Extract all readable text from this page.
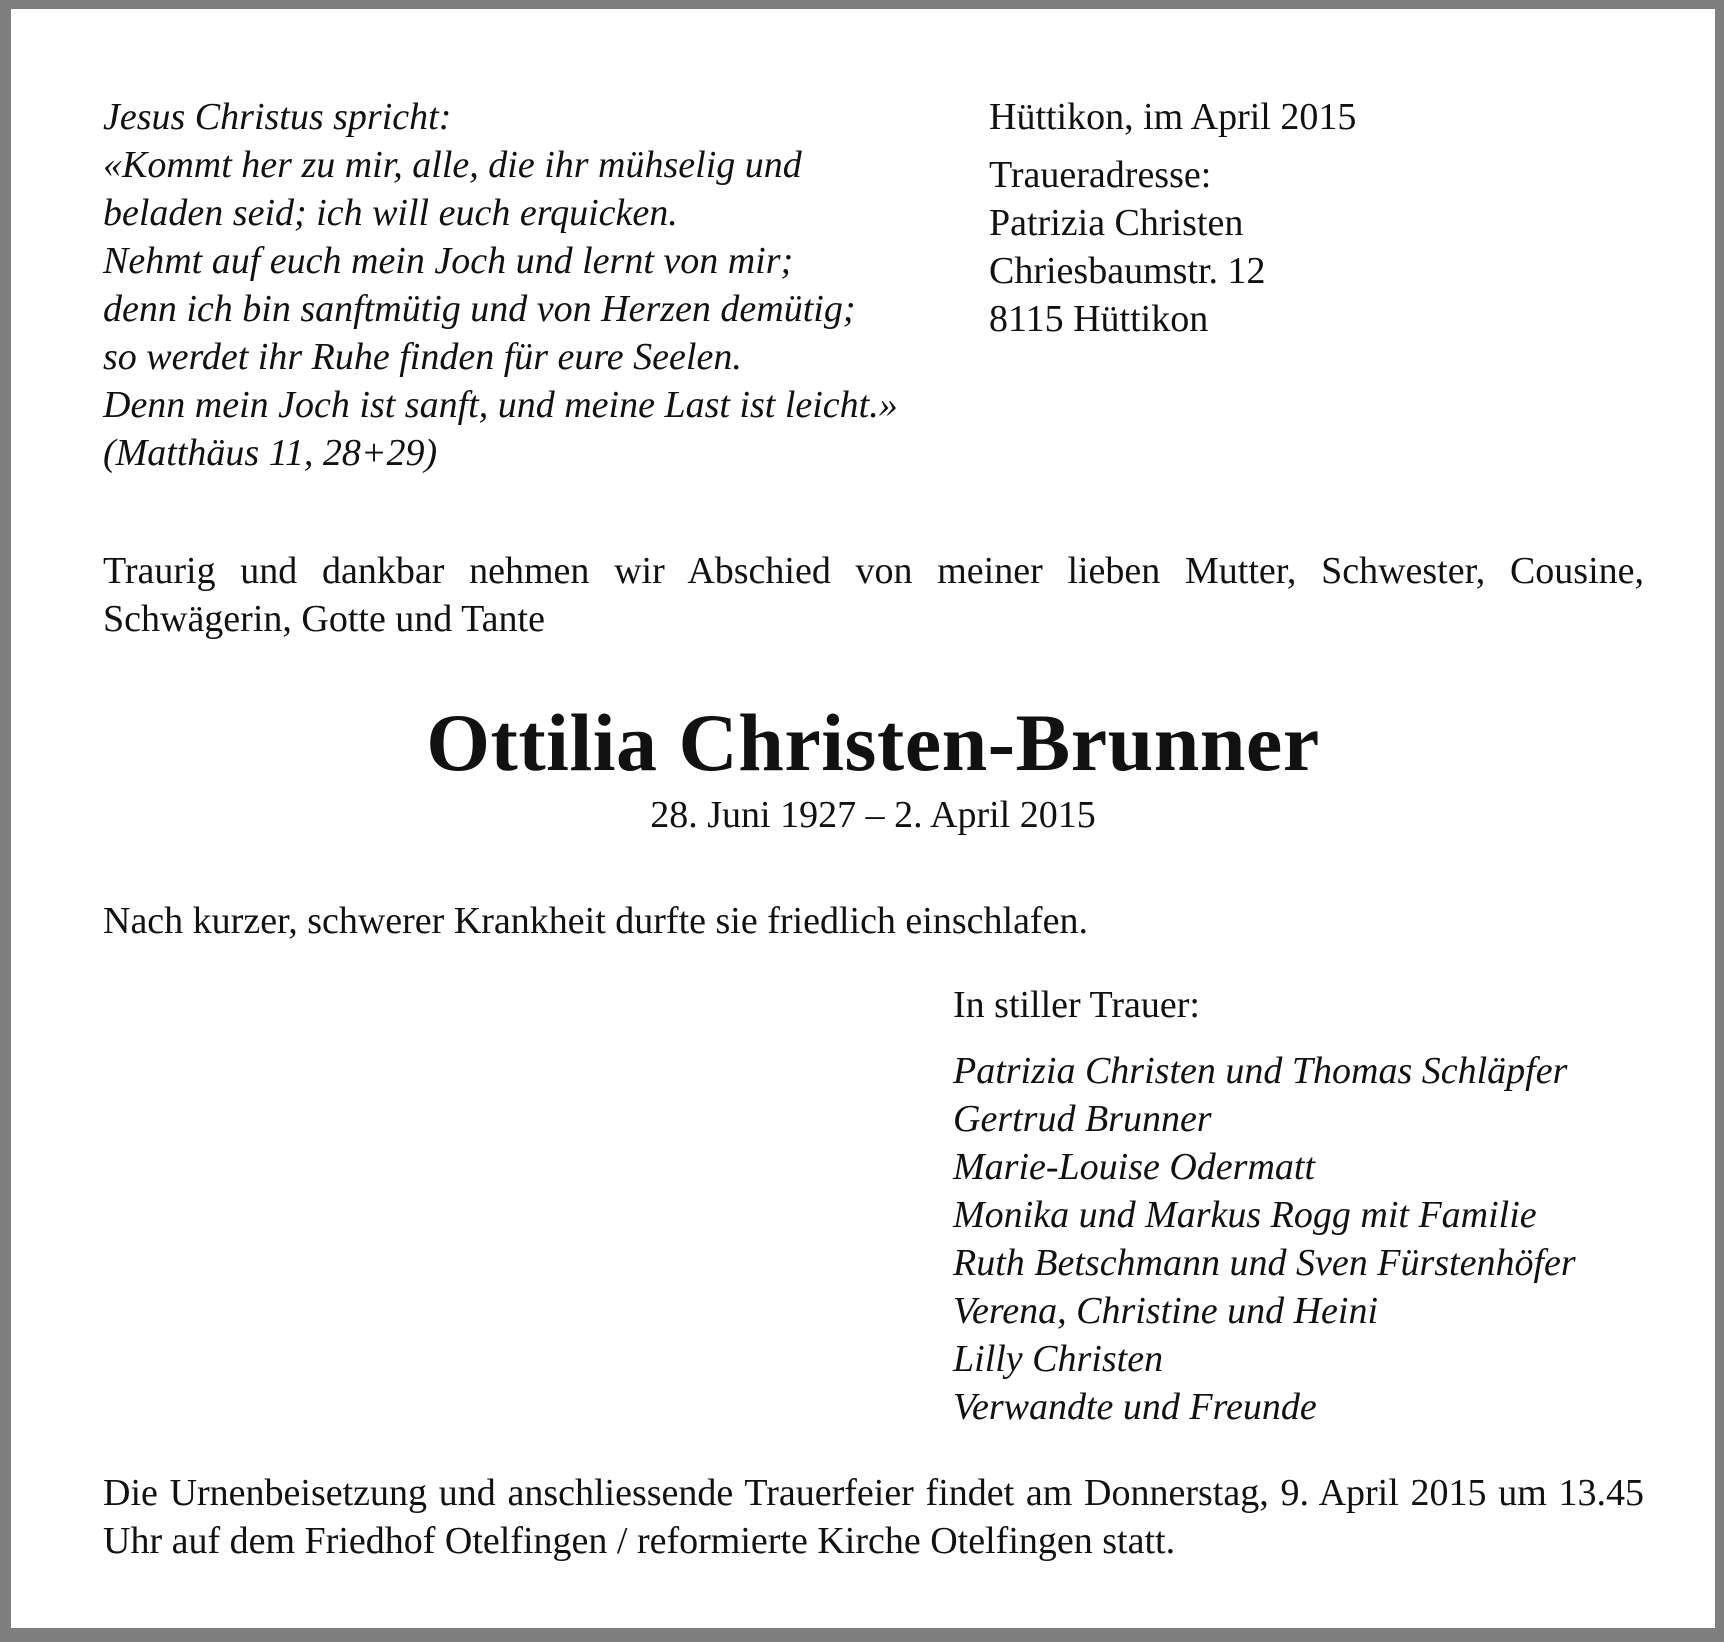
Jesus Christus spricht:
«Kommt her zu mir, alle, die ihr mühselig und
beladen seid; ich will euch erquicken.
Nehmt auf euch mein Joch und lernt von mir;
denn ich bin sanftmütig und von Herzen demütig;
so werdet ihr Ruhe finden für eure Seelen.
Denn mein Joch ist sanft, und meine Last ist leicht.»
(Matthäus 11, 28+29)
Hüttikon, im April 2015
Traueradresse:
Patrizia Christen
Chriesbaumstr. 12
8115 Hüttikon
Traurig und dankbar nehmen wir Abschied von meiner lieben Mutter, Schwester, Cousine, Schwägerin, Gotte und Tante
Ottilia Christen-Brunner
28. Juni 1927 – 2. April 2015
Nach kurzer, schwerer Krankheit durfte sie friedlich einschlafen.
In stiller Trauer:
Patrizia Christen und Thomas Schläpfer
Gertrud Brunner
Marie-Louise Odermatt
Monika und Markus Rogg mit Familie
Ruth Betschmann und Sven Fürstenhöfer
Verena, Christine und Heini
Lilly Christen
Verwandte und Freunde
Die Urnenbeisetzung und anschliessende Trauerfeier findet am Donnerstag, 9. April 2015 um 13.45 Uhr auf dem Friedhof Otelfingen / reformierte Kirche Otelfingen statt.
